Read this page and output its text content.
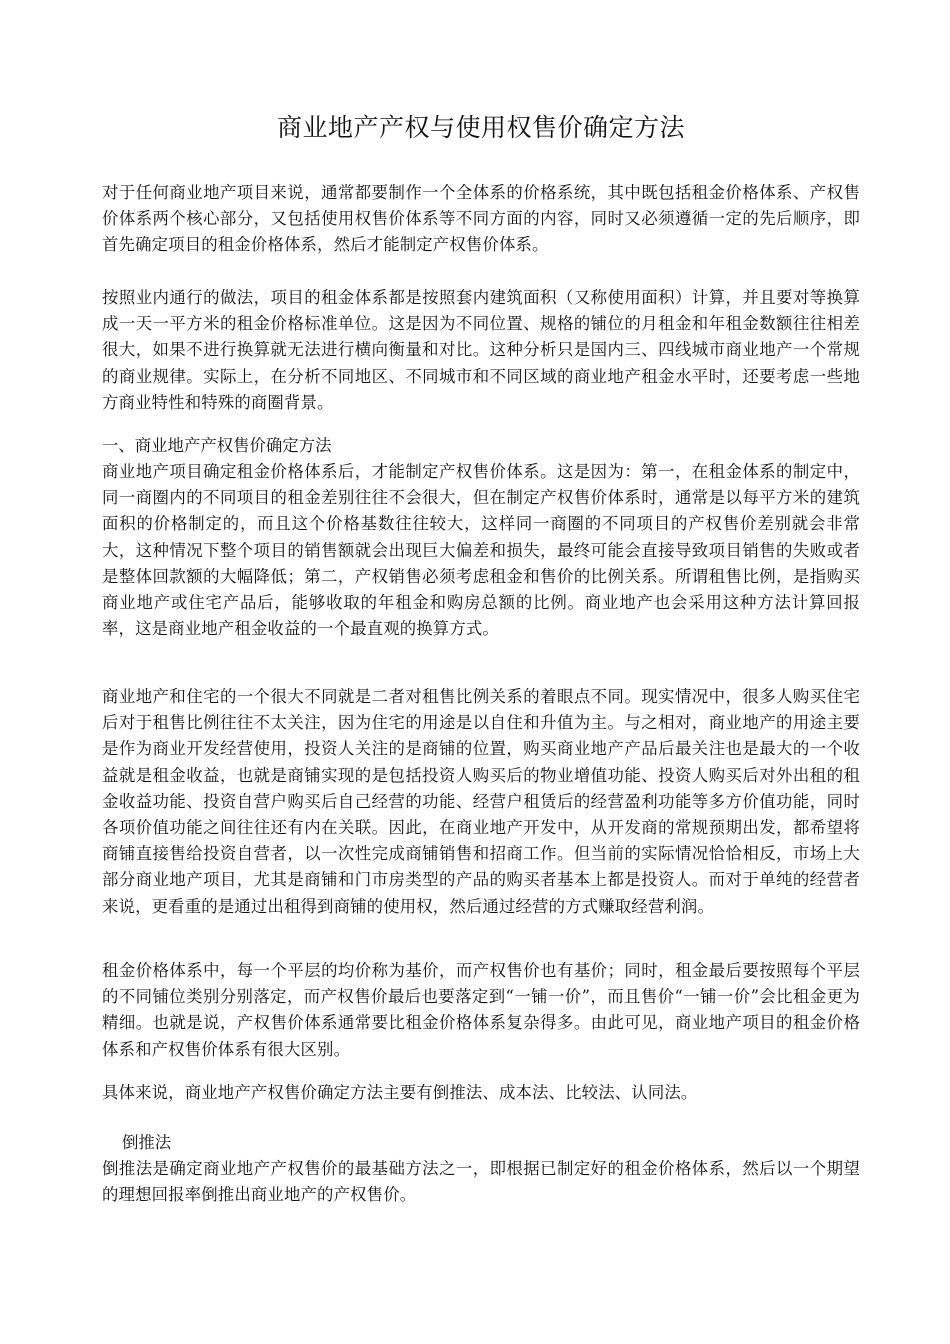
商业地产产权与使用权售价确定方法

对于任何商业地产项目来说，通常都要制作一个全体系的价格系统，其中既包括租金价格体系、产权售价体系两个核心部分，又包括使用权售价体系等不同方面的内容，同时又必须遵循一定的先后顺序，即首先确定项目的租金价格体系，然后才能制定产权售价体系。

按照业内通行的做法，项目的租金体系都是按照套内建筑面积（又称使用面积）计算，并且要对等换算成一天一平方米的租金价格标准单位。这是因为不同位置、规格的铺位的月租金和年租金数额往往相差很大，如果不进行换算就无法进行横向衡量和对比。这种分析只是国内三、四线城市商业地产一个常规的商业规律。实际上，在分析不同地区、不同城市和不同区域的商业地产租金水平时，还要考虑一些地方商业特性和特殊的商圈背景。

一、商业地产产权售价确定方法

商业地产项目确定租金价格体系后，才能制定产权售价体系。这是因为：第一，在租金体系的制定中，同一商圈内的不同项目的租金差别往往不会很大，但在制定产权售价体系时，通常是以每平方米的建筑面积的价格制定的，而且这个价格基数往往较大，这样同一商圈的不同项目的产权售价差别就会非常大，这种情况下整个项目的销售额就会出现巨大偏差和损失，最终可能会直接导致项目销售的失败或者是整体回款额的大幅降低；第二，产权销售必须考虑租金和售价的比例关系。所谓租售比例，是指购买商业地产或住宅产品后，能够收取的年租金和购房总额的比例。商业地产也会采用这种方法计算回报率，这是商业地产租金收益的一个最直观的换算方式。

商业地产和住宅的一个很大不同就是二者对租售比例关系的着眼点不同。现实情况中，很多人购买住宅后对于租售比例往往不太关注，因为住宅的用途是以自住和升值为主。与之相对，商业地产的用途主要是作为商业开发经营使用，投资人关注的是商铺的位置，购买商业地产产品后最关注也是最大的一个收益就是租金收益，也就是商铺实现的是包括投资人购买后的物业增值功能、投资人购买后对外出租的租金收益功能、投资自营户购买后自己经营的功能、经营户租赁后的经营盈利功能等多方价值功能，同时各项价值功能之间往往还有内在关联。因此，在商业地产开发中，从开发商的常规预期出发，都希望将商铺直接售给投资自营者，以一次性完成商铺销售和招商工作。但当前的实际情况恰恰相反，市场上大部分商业地产项目，尤其是商铺和门市房类型的产品的购买者基本上都是投资人。而对于单纯的经营者来说，更看重的是通过出租得到商铺的使用权，然后通过经营的方式赚取经营利润。

租金价格体系中，每一个平层的均价称为基价，而产权售价也有基价；同时，租金最后要按照每个平层的不同铺位类别分别落定，而产权售价最后也要落定到“一铺一价”，而且售价“一铺一价”会比租金更为精细。也就是说，产权售价体系通常要比租金价格体系复杂得多。由此可见，商业地产项目的租金价格体系和产权售价体系有很大区别。

具体来说，商业地产产权售价确定方法主要有倒推法、成本法、比较法、认同法。

倒推法

倒推法是确定商业地产产权售价的最基础方法之一，即根据已制定好的租金价格体系，然后以一个期望的理想回报率倒推出商业地产的产权售价。
